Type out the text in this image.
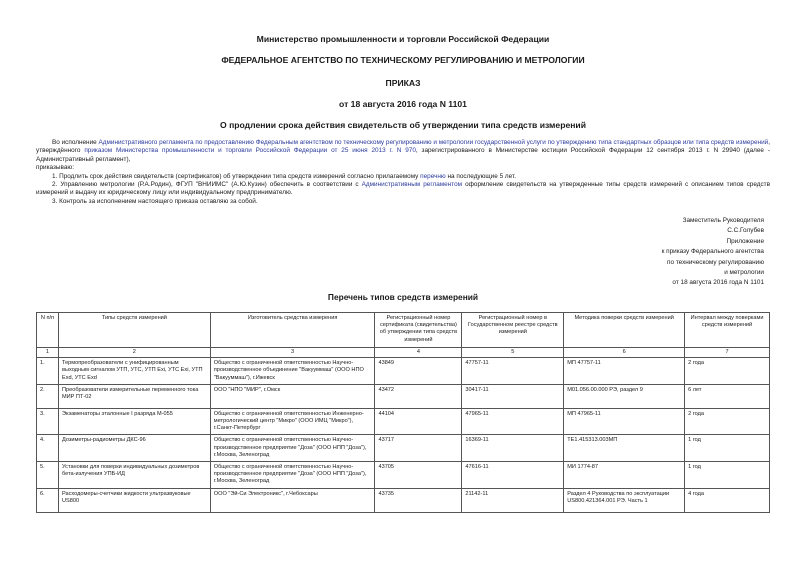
Министерство промышленности и торговли Российской Федерации
ФЕДЕРАЛЬНОЕ АГЕНТСТВО ПО ТЕХНИЧЕСКОМУ РЕГУЛИРОВАНИЮ И МЕТРОЛОГИИ
ПРИКАЗ
от 18 августа 2016 года N 1101
О продлении срока действия свидетельств об утверждении типа средств измерений

Во исполнение Административного регламента по предоставлению Федеральным агентством по техническому регулированию и метрологии государственной услуги по утверждению типа стандартных образцов или типа средств измерений, утверждённого приказом Министерства промышленности и торговли Российской Федерации от 25 июня 2013 г. N 970, зарегистрированного в Министерстве юстиции Российской Федерации 12 сентября 2013 г. N 29940 (далее - Административный регламент),

приказываю:

1. Продлить срок действия свидетельств (сертификатов) об утверждении типа средств измерений согласно прилагаемому перечню на последующие 5 лет.

2. Управлению метрологии (Р.А.Родин), ФГУП "ВНИИМС" (А.Ю.Кузин) обеспечить в соответствии с Административным регламентом оформление свидетельств на утвержденные типы средств измерений с описанием типов средств измерений и выдачу их юридическому лицу или индивидуальному предпринимателю.

3. Контроль за исполнением настоящего приказа оставляю за собой.

Заместитель Руководителя
С.С.Голубев
Приложение
к приказу Федерального агентства
по техническому регулированию
и метрологии
от 18 августа 2016 года N 1101
Перечень типов средств измерений
N п/п	Типы средств измерений	Изготовитель средства измерения	Регистрационный номер сертификата (свидетельства) об утверждении типа средств измерений	Регистрационный номер в Государственном реестре средств измерений	Методика поверки средств измерений	Интервал между поверками средств измерений
1	2	3	4	5	6	7
1.	Термопреобразователи с унифицированным выходным сигналом УТП, УТС, УТП Exi, УТС Exi, УТП Exd, УТС Exd	Общество с ограниченной ответственностью Научно-производственное объединение "Вакууммаш" (ООО НПО "Вакууммаш"), г.Ижевск	43849	47757-11	МП 47757-11	2 года
2.	Преобразователи измерительные переменного тока МИР ПТ-02	ООО "НПО "МИР", г.Омск	43472	30417-11	М01.056.00.000 РЭ, раздел 9	6 лет
3.	Экзаменаторы эталонные I разряда М-055	Общество с ограниченной ответственностью Инженерно-метрологический центр "Микро" (ООО ИМЦ "Микро"), г.Санкт-Петербург	44104	47965-11	МП 47965-11	2 года
4.	Дозиметры-радиометры ДКС-96	Общество с ограниченной ответственностью Научно-производственное предприятие "Доза" (ООО НПП "Доза"), г.Москва, Зеленоград	43717	16369-11	ТЕ1.415313.003МП	1 год
5.	Установки для поверки индивидуальных дозиметров бета-излучения УПБ-ИД	Общество с ограниченной ответственностью Научно-производственное предприятие "Доза" (ООО НПП "Доза"), г.Москва, Зеленоград	43705	47616-11	МИ 1774-87	1 год
6.	Расходомеры-счетчики жидкости ультразвуковые US800	ООО "Эй-Си Электроникс", г.Чебоксары	43735	21142-11	Раздел 4 Руководства по эксплуатации US800.421364.001 РЭ. Часть 1	4 года
